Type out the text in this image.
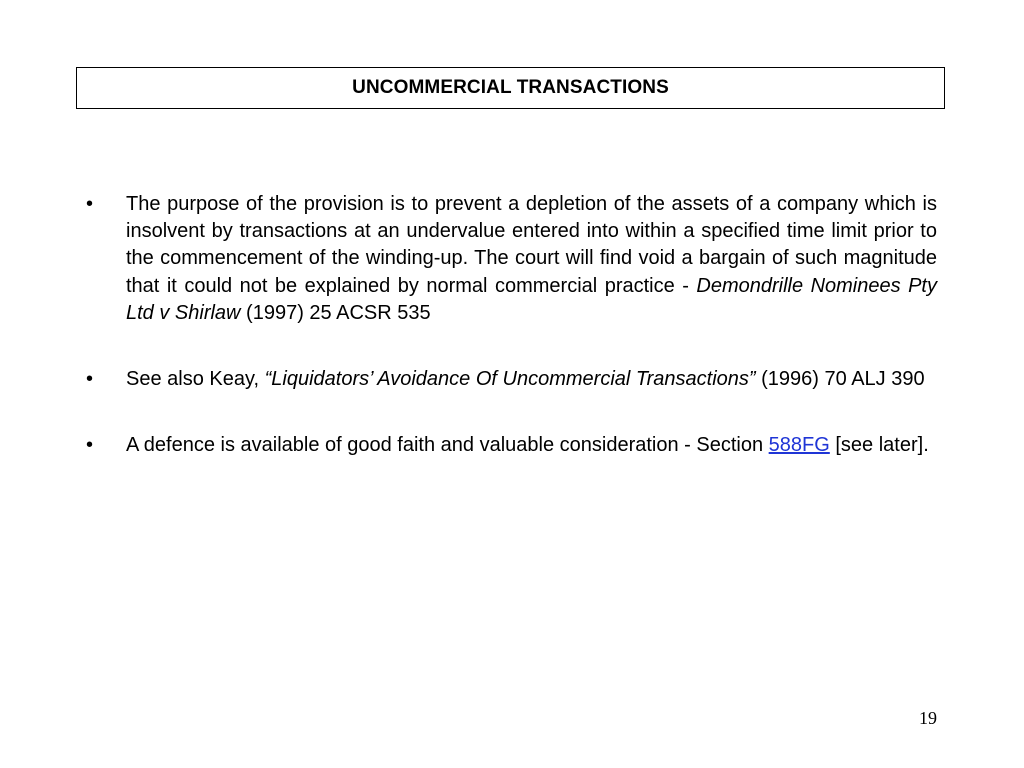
UNCOMMERCIAL TRANSACTIONS
• The purpose of the provision is to prevent a depletion of the assets of a company which is insolvent by transactions at an undervalue entered into within a specified time limit prior to the commencement of the winding-up. The court will find void a bargain of such magnitude that it could not be explained by normal commercial practice - Demondrille Nominees Pty Ltd v Shirlaw (1997) 25 ACSR 535
• See also Keay, “Liquidators’ Avoidance Of Uncommercial Transactions” (1996) 70 ALJ 390
• A defence is available of good faith and valuable consideration - Section 588FG [see later].
19
